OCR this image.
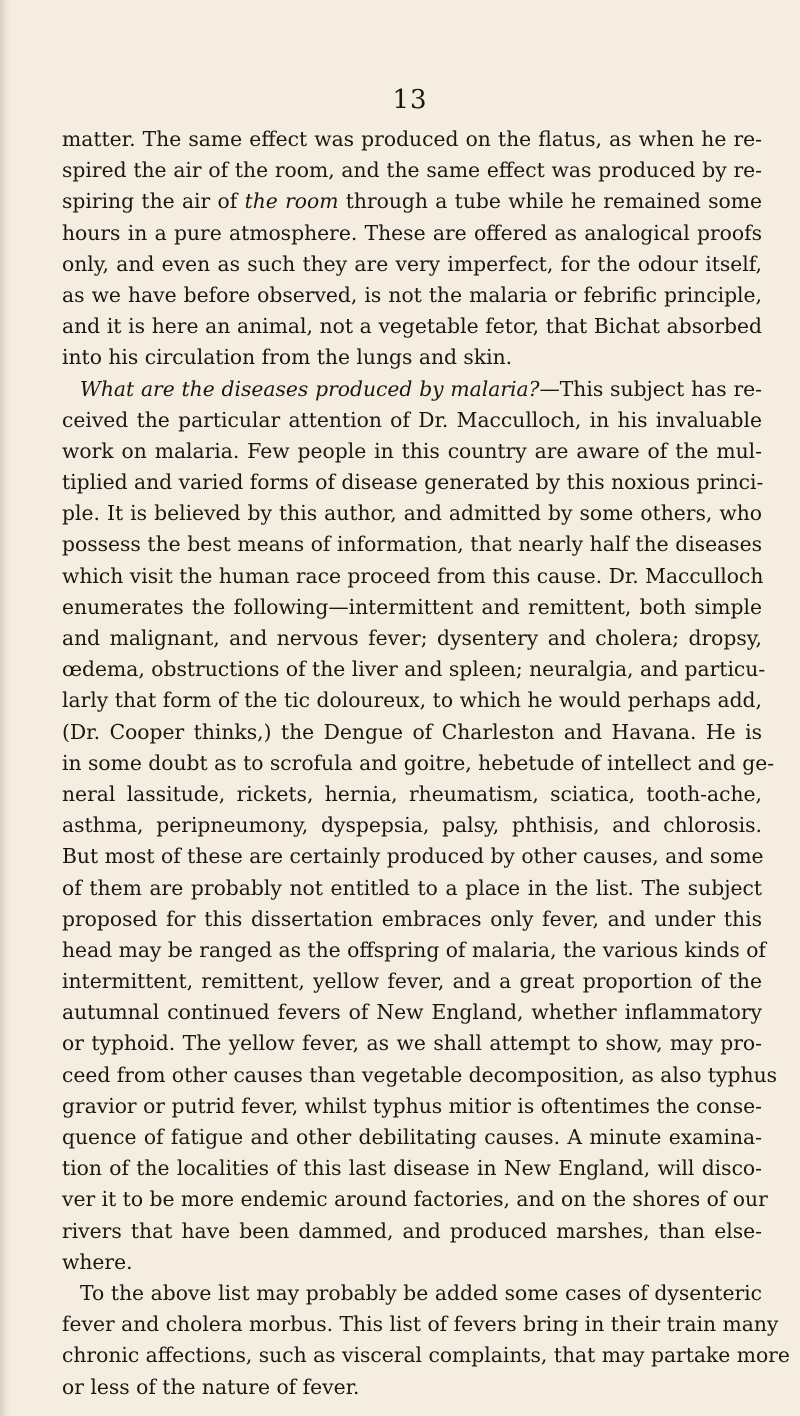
13
matter. The same effect was produced on the flatus, as when he re-
spired the air of the room, and the same effect was produced by re-
spiring the air of the room through a tube while he remained some
hours in a pure atmosphere. These are offered as analogical proofs
only, and even as such they are very imperfect, for the odour itself,
as we have before observed, is not the malaria or febrific principle,
and it is here an animal, not a vegetable fetor, that Bichat absorbed
into his circulation from the lungs and skin.
What are the diseases produced by malaria?—This subject has re-
ceived the particular attention of Dr. Macculloch, in his invaluable
work on malaria. Few people in this country are aware of the mul-
tiplied and varied forms of disease generated by this noxious princi-
ple. It is believed by this author, and admitted by some others, who
possess the best means of information, that nearly half the diseases
which visit the human race proceed from this cause. Dr. Macculloch
enumerates the following—intermittent and remittent, both simple
and malignant, and nervous fever; dysentery and cholera; dropsy,
œdema, obstructions of the liver and spleen; neuralgia, and particu-
larly that form of the tic doloureux, to which he would perhaps add,
(Dr. Cooper thinks,) the Dengue of Charleston and Havana. He is
in some doubt as to scrofula and goitre, hebetude of intellect and ge-
neral lassitude, rickets, hernia, rheumatism, sciatica, tooth-ache,
asthma, peripneumony, dyspepsia, palsy, phthisis, and chlorosis.
But most of these are certainly produced by other causes, and some
of them are probably not entitled to a place in the list. The subject
proposed for this dissertation embraces only fever, and under this
head may be ranged as the offspring of malaria, the various kinds of
intermittent, remittent, yellow fever, and a great proportion of the
autumnal continued fevers of New England, whether inflammatory
or typhoid. The yellow fever, as we shall attempt to show, may pro-
ceed from other causes than vegetable decomposition, as also typhus
gravior or putrid fever, whilst typhus mitior is oftentimes the conse-
quence of fatigue and other debilitating causes. A minute examina-
tion of the localities of this last disease in New England, will disco-
ver it to be more endemic around factories, and on the shores of our
rivers that have been dammed, and produced marshes, than else-
where.
To the above list may probably be added some cases of dysenteric
fever and cholera morbus. This list of fevers bring in their train many
chronic affections, such as visceral complaints, that may partake more
or less of the nature of fever.
